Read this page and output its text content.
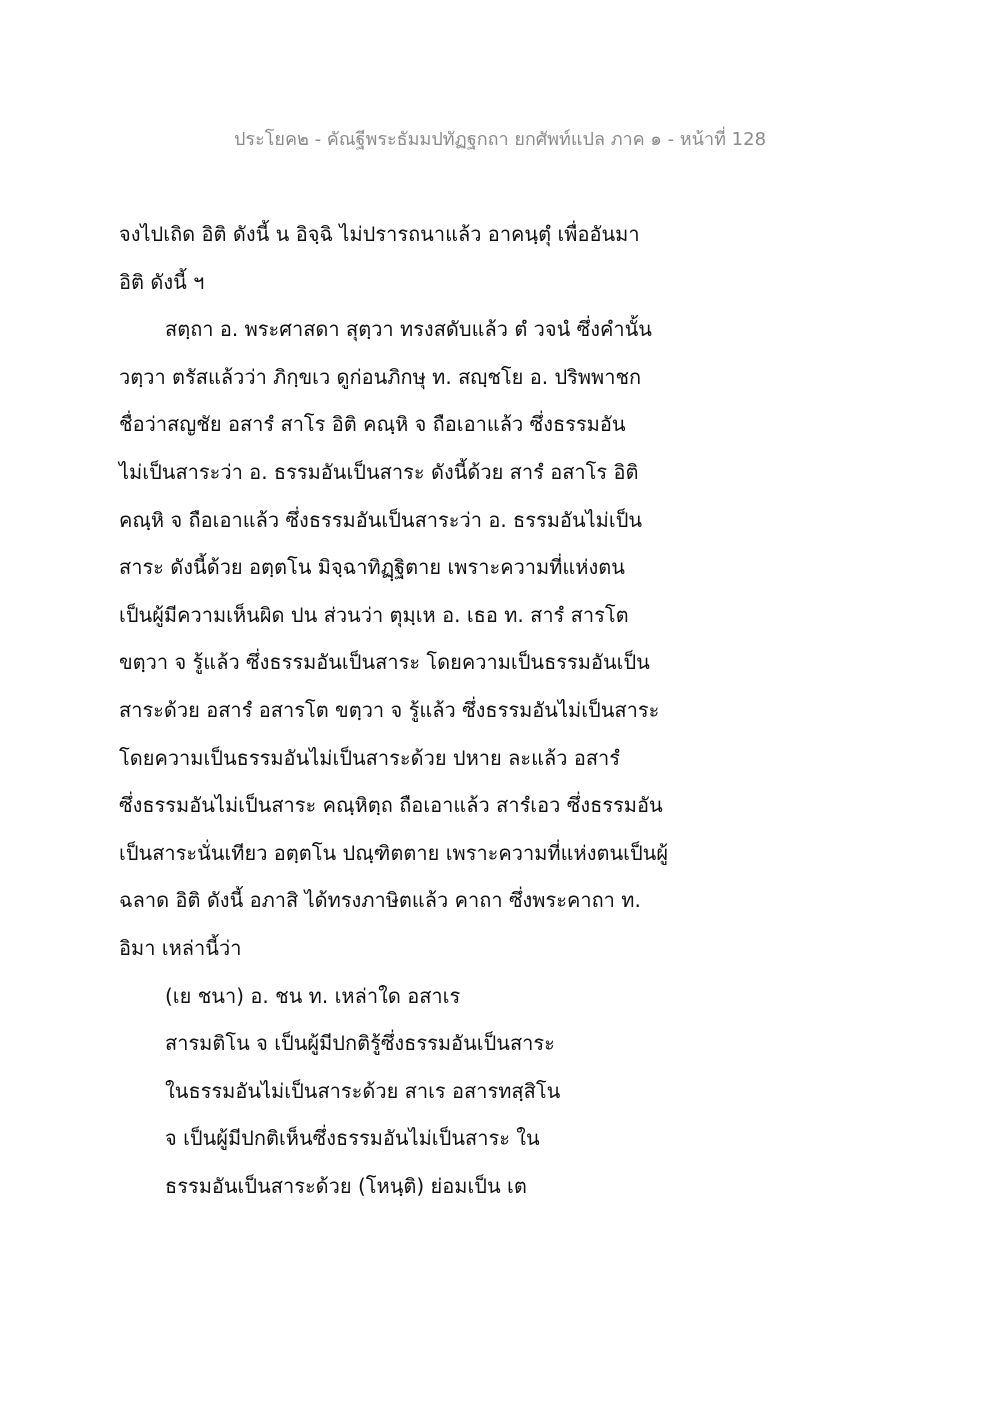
ประโยค๒ - คัณฐีพระธัมมปทัฏฐกถา ยกศัพท์แปล ภาค ๑ - หน้าที่ 128
จงไปเถิด อิติ ดังนี้ น อิจฺฉิ ไม่ปรารถนาแล้ว อาคนฺตุํ เพื่ออันมา
อิติ ดังนี้ ฯ
สตฺถา อ. พระศาสดา สุตฺวา ทรงสดับแล้ว ตํ วจนํ ซึ่งคำนั้น
วตฺวา ตรัสแล้วว่า ภิกฺขเว ดูก่อนภิกษุ ท. สญฺชโย อ. ปริพพาชก
ชื่อว่าสญชัย อสารํ สาโร อิติ คณฺหิ จ ถือเอาแล้ว ซึ่งธรรมอัน
ไม่เป็นสาระว่า อ. ธรรมอันเป็นสาระ ดังนี้ด้วย สารํ อสาโร อิติ
คณฺหิ จ ถือเอาแล้ว ซึ่งธรรมอันเป็นสาระว่า อ. ธรรมอันไม่เป็น
สาระ ดังนี้ด้วย อตฺตโน มิจฺฉาทิฏฺฐิตาย เพราะความที่แห่งตน
เป็นผู้มีความเห็นผิด ปน ส่วนว่า ตุมฺเห อ. เธอ ท. สารํ สารโต
ขตฺวา จ รู้แล้ว ซึ่งธรรมอันเป็นสาระ โดยความเป็นธรรมอันเป็น
สาระด้วย อสารํ อสารโต ขตฺวา จ รู้แล้ว ซึ่งธรรมอันไม่เป็นสาระ
โดยความเป็นธรรมอันไม่เป็นสาระด้วย ปหาย ละแล้ว อสารํ
ซึ่งธรรมอันไม่เป็นสาระ คณฺหิตฺถ ถือเอาแล้ว สารํเอว ซึ่งธรรมอัน
เป็นสาระนั่นเทียว อตฺตโน ปณฺฑิตตาย เพราะความที่แห่งตนเป็นผู้
ฉลาด อิติ ดังนี้ อภาสิ ได้ทรงภาษิตแล้ว คาถา ซึ่งพระคาถา ท.
อิมา เหล่านี้ว่า
(เย ชนา) อ. ชน ท. เหล่าใด อสาเร
สารมติโน จ เป็นผู้มีปกติรู้ซึ่งธรรมอันเป็นสาระ
ในธรรมอันไม่เป็นสาระด้วย สาเร อสารทสฺสิโน
จ เป็นผู้มีปกติเห็นซึ่งธรรมอันไม่เป็นสาระ ใน
ธรรมอันเป็นสาระด้วย (โหนฺติ) ย่อมเป็น เต
